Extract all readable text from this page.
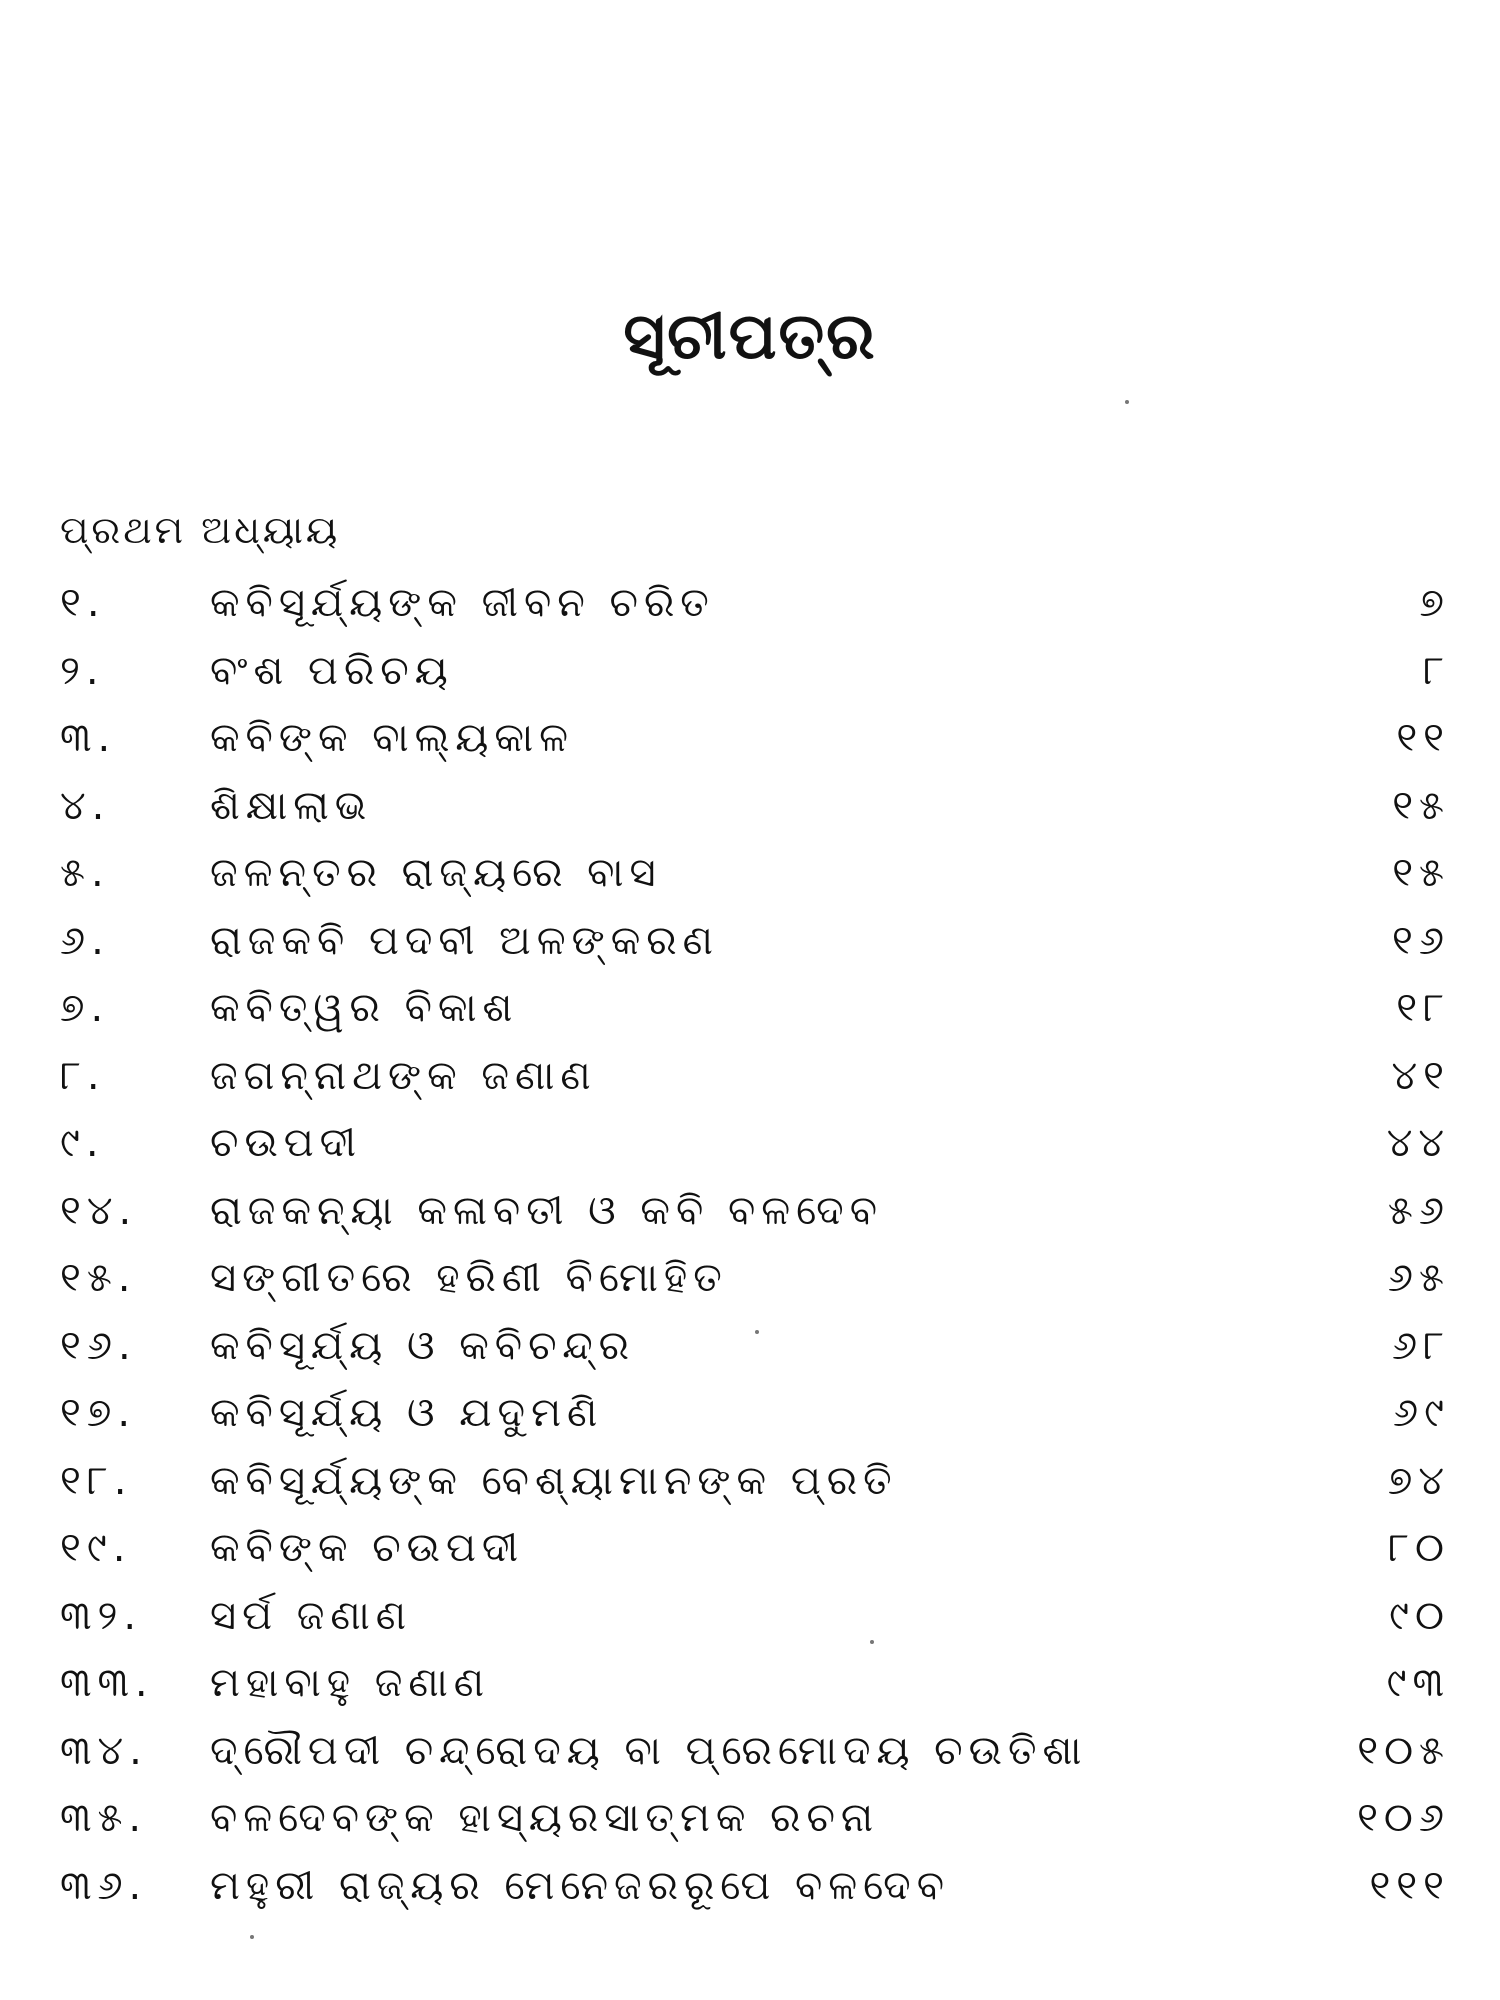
ସୂଚୀପତ୍ର
ପ୍ରଥମ ଅଧ୍ୟାୟ
୧.	କବିସୂର୍ଯ୍ୟଙ୍କ ଜୀବନ ଚରିତ	୭
୨.	ବଂଶ ପରିଚୟ	୮
୩. କବିଙ୍କ ବାଲ୍ୟକାଳ	୧୧
୪. ଶିକ୍ଷାଲାଭ	୧୫
୫.	ଜଳନ୍ତର ରାଜ୍ୟରେ ବାସ	୧୫
୬.	ରାଜକବି ପଦବୀ ଅଳଙ୍କରଣ	୧୬
୭.	କବିତ୍ୱର ବିକାଶ	୧୮
୮.	ଜଗନ୍ନାଥଙ୍କ ଜଣାଣ	୪୧
୯.	ଚଉପଦୀ	୪୪
୧୪. ରାଜକନ୍ୟା କଳାବତୀ ଓ କବି ବଳଦେବ	୫୬
୧୫. ସଙ୍ଗୀତରେ ହରିଣୀ ବିମୋହିତ	୬୫
୧୬. କବିସୂର୍ଯ୍ୟ ଓ କବିଚନ୍ଦ୍ର	୬୮
୧୭. କବିସୂର୍ଯ୍ୟ ଓ ଯଦୁମଣି	୬୯
୧୮. କବିସୂର୍ଯ୍ୟଙ୍କ ବେଶ୍ୟାମାନଙ୍କ ପ୍ରତି	୭୪
୧୯. କବିଙ୍କ ଚଉପଦୀ	୮୦
୩୨. ସର୍ପ ଜଣାଣ	୯୦
୩୩. ମହାବାହୁ ଜଣାଣ	୯୩
୩୪. ଦ୍ରୌପଦୀ ଚନ୍ଦ୍ରୋଦୟ ବା ପ୍ରେମୋଦୟ ଚଉତିଶା	୧୦୫
୩୫. ବଳଦେବଙ୍କ ହାସ୍ୟରସାତ୍ମକ ରଚନା	୧୦୬
୩୬. ମହୁରୀ ରାଜ୍ୟର ମେନେଜରରୂପେ ବଳଦେବ	୧୧୧
